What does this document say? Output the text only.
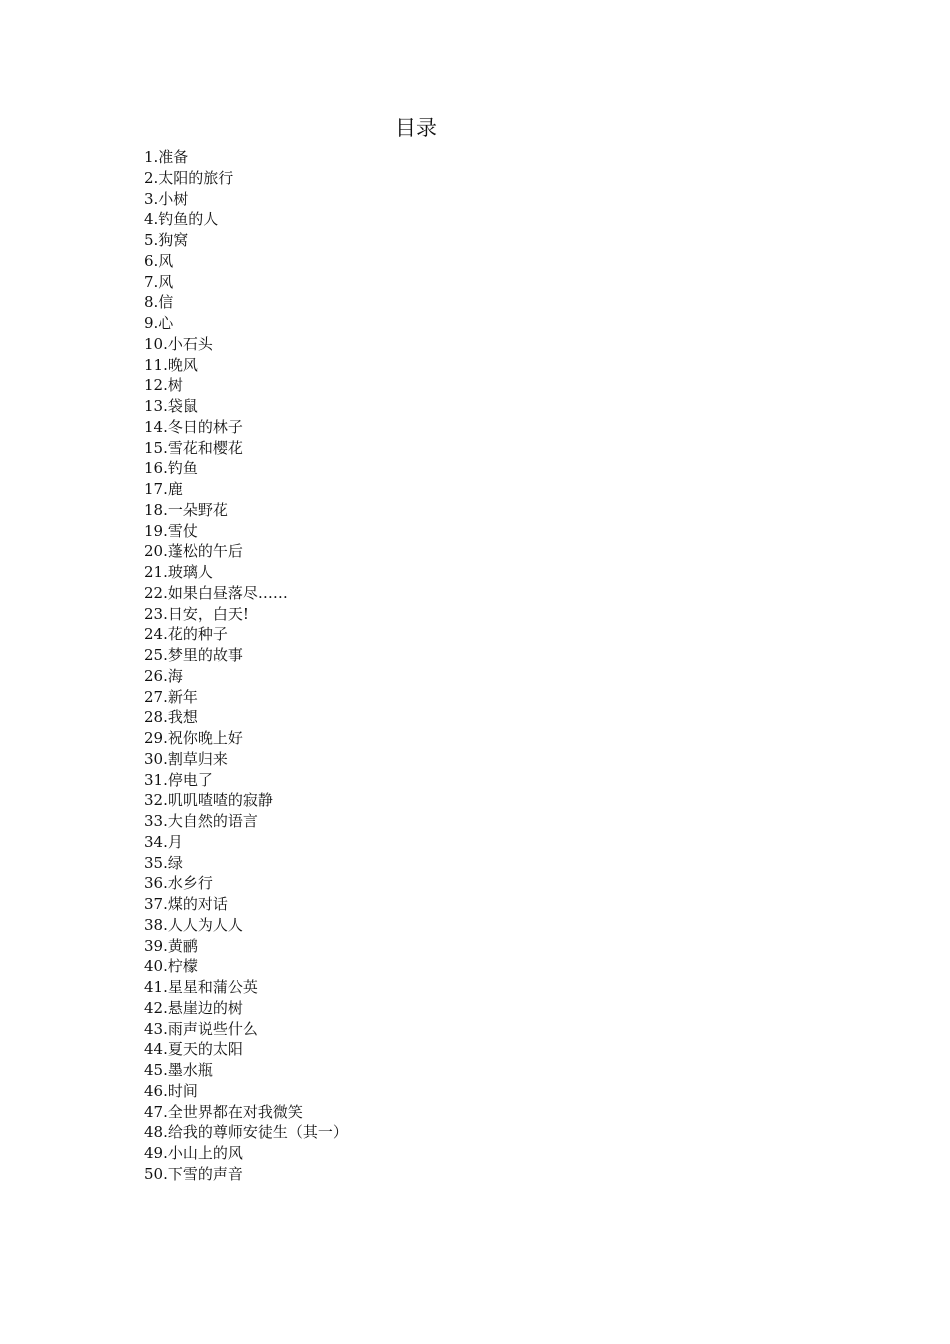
目录
1.准备
2.太阳的旅行
3.小树
4.钓鱼的人
5.狗窝
6.风
7.风
8.信
9.心
10.小石头
11.晚风
12.树
13.袋鼠
14.冬日的林子
15.雪花和樱花
16.钓鱼
17.鹿
18.一朵野花
19.雪仗
20.蓬松的午后
21.玻璃人
22.如果白昼落尽……
23.日安，白天!
24.花的种子
25.梦里的故事
26.海
27.新年
28.我想
29.祝你晚上好
30.割草归来
31.停电了
32.叽叽喳喳的寂静
33.大自然的语言
34.月
35.绿
36.水乡行
37.煤的对话
38.人人为人人
39.黄鹂
40.柠檬
41.星星和蒲公英
42.悬崖边的树
43.雨声说些什么
44.夏天的太阳
45.墨水瓶
46.时间
47.全世界都在对我微笑
48.给我的尊师安徒生（其一）
49.小山上的风
50.下雪的声音
